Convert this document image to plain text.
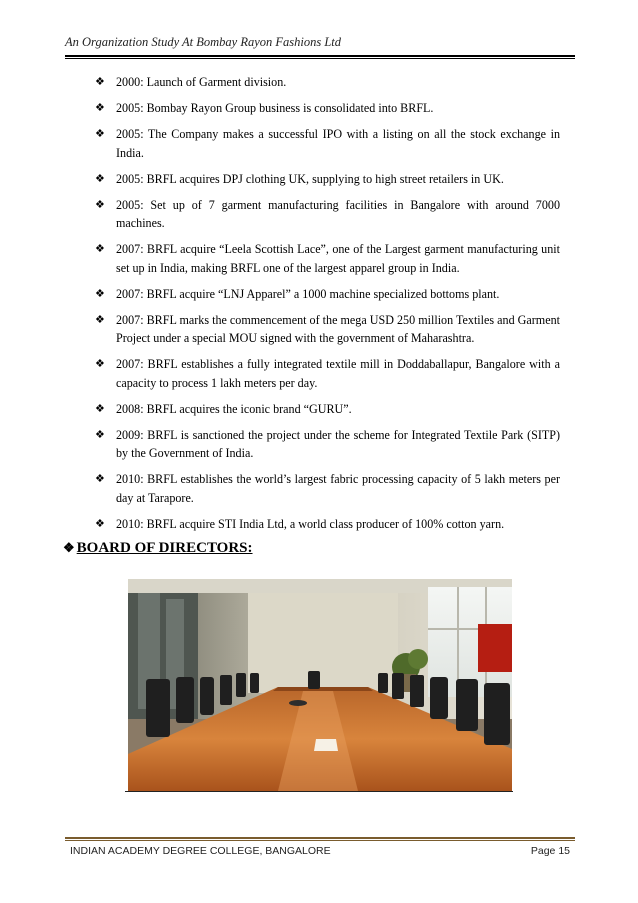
An Organization Study At Bombay Rayon Fashions Ltd
❖ 2000: Launch of Garment division.
❖ 2005: Bombay Rayon Group business is consolidated into BRFL.
❖ 2005: The Company makes a successful IPO with a listing on all the stock exchange in India.
❖ 2005: BRFL acquires DPJ clothing UK, supplying to high street retailers in UK.
❖ 2005: Set up of 7 garment manufacturing facilities in Bangalore with around 7000 machines.
❖ 2007: BRFL acquire “Leela Scottish Lace”, one of the Largest garment manufacturing unit set up in India, making BRFL one of the largest apparel group in India.
❖ 2007: BRFL acquire “LNJ Apparel” a 1000 machine specialized bottoms plant.
❖ 2007: BRFL marks the commencement of the mega USD 250 million Textiles and Garment Project under a special MOU signed with the government of Maharashtra.
❖ 2007: BRFL establishes a fully integrated textile mill in Doddaballapur, Bangalore with a capacity to process 1 lakh meters per day.
❖ 2008: BRFL acquires the iconic brand “GURU”.
❖ 2009: BRFL is sanctioned the project under the scheme for Integrated Textile Park (SITP) by the Government of India.
❖ 2010: BRFL establishes the world’s largest fabric processing capacity of 5 lakh meters per day at Tarapore.
❖ 2010: BRFL acquire STI India Ltd, a world class producer of 100% cotton yarn.
❖ BOARD OF DIRECTORS:
INDIAN ACADEMY DEGREE COLLEGE, BANGALORE	Page 15
